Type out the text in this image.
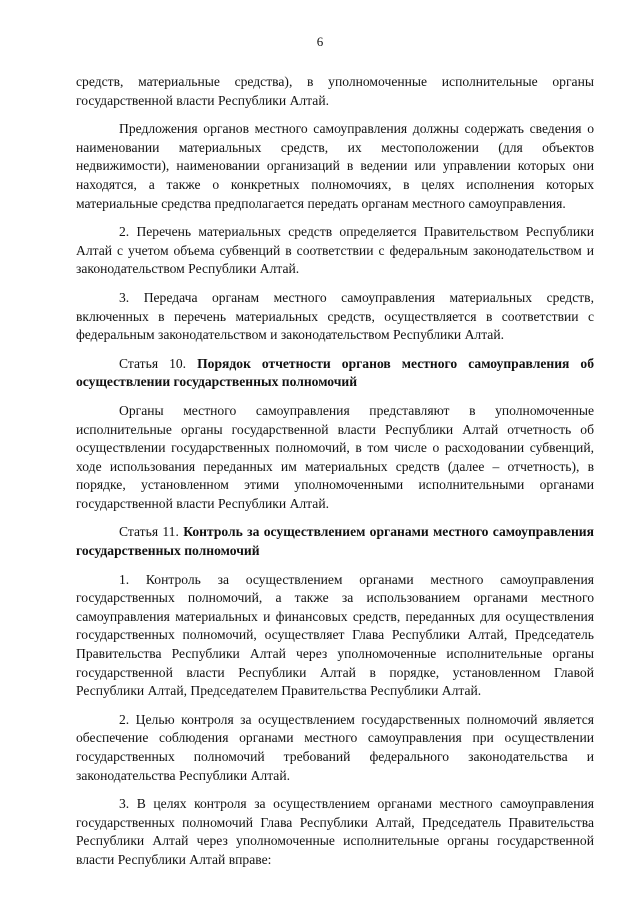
6

средств, материальные средства), в уполномоченные исполнительные органы государственной власти Республики Алтай.

Предложения органов местного самоуправления должны содержать сведения о наименовании материальных средств, их местоположении (для объектов недвижимости), наименовании организаций в ведении или управлении которых они находятся, а также о конкретных полномочиях, в целях исполнения которых материальные средства предполагается передать органам местного самоуправления.

2. Перечень материальных средств определяется Правительством Республики Алтай с учетом объема субвенций в соответствии с федеральным законодательством и законодательством Республики Алтай.

3. Передача органам местного самоуправления материальных средств, включенных в перечень материальных средств, осуществляется в соответствии с федеральным законодательством и законодательством Республики Алтай.

Статья 10. Порядок отчетности органов местного самоуправления об осуществлении государственных полномочий

Органы местного самоуправления представляют в уполномоченные исполнительные органы государственной власти Республики Алтай отчетность об осуществлении государственных полномочий, в том числе о расходовании субвенций, ходе использования переданных им материальных средств (далее – отчетность), в порядке, установленном этими уполномоченными исполнительными органами государственной власти Республики Алтай.

Статья 11. Контроль за осуществлением органами местного самоуправления государственных полномочий

1. Контроль за осуществлением органами местного самоуправления государственных полномочий, а также за использованием органами местного самоуправления материальных и финансовых средств, переданных для осуществления государственных полномочий, осуществляет Глава Республики Алтай, Председатель Правительства Республики Алтай через уполномоченные исполнительные органы государственной власти Республики Алтай в порядке, установленном Главой Республики Алтай, Председателем Правительства Республики Алтай.

2. Целью контроля за осуществлением государственных полномочий является обеспечение соблюдения органами местного самоуправления при осуществлении государственных полномочий требований федерального законодательства и законодательства Республики Алтай.

3. В целях контроля за осуществлением органами местного самоуправления государственных полномочий Глава Республики Алтай, Председатель Правительства Республики Алтай через уполномоченные исполнительные органы государственной власти Республики Алтай вправе:
